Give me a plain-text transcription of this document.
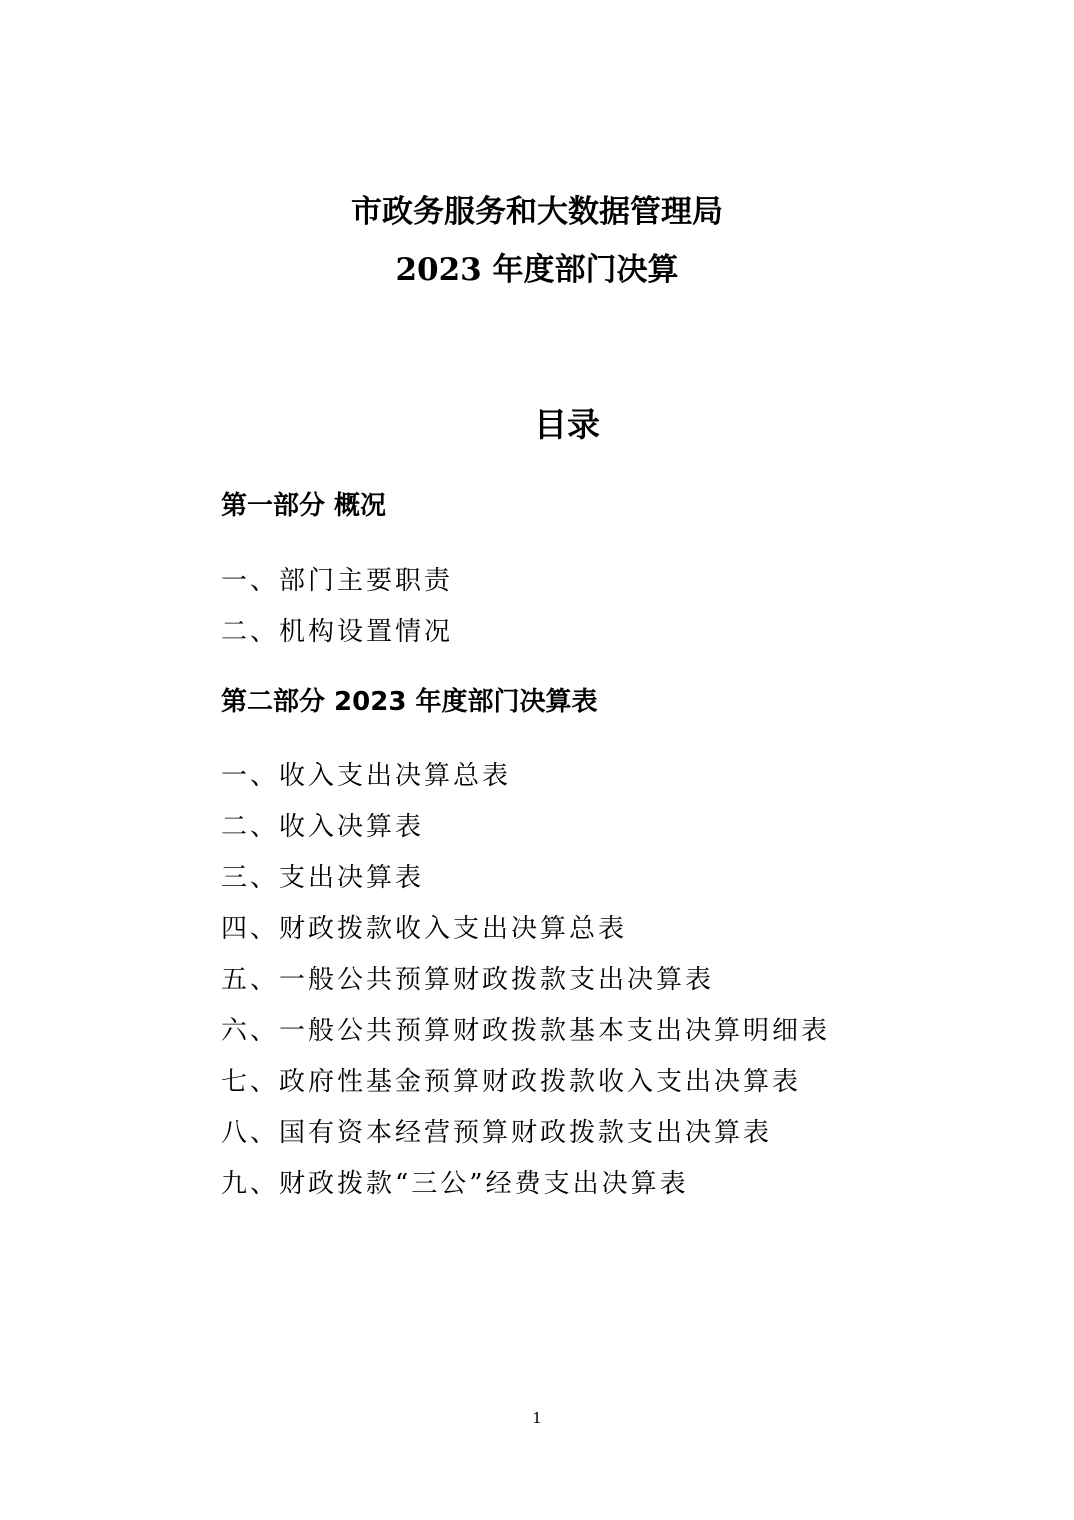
市政务服务和大数据管理局
2023 年度部门决算
目录
第一部分 概况
一、部门主要职责
二、机构设置情况
第二部分 2023 年度部门决算表
一、收入支出决算总表
二、收入决算表
三、支出决算表
四、财政拨款收入支出决算总表
五、一般公共预算财政拨款支出决算表
六、一般公共预算财政拨款基本支出决算明细表
七、政府性基金预算财政拨款收入支出决算表
八、国有资本经营预算财政拨款支出决算表
九、财政拨款“三公”经费支出决算表
1
